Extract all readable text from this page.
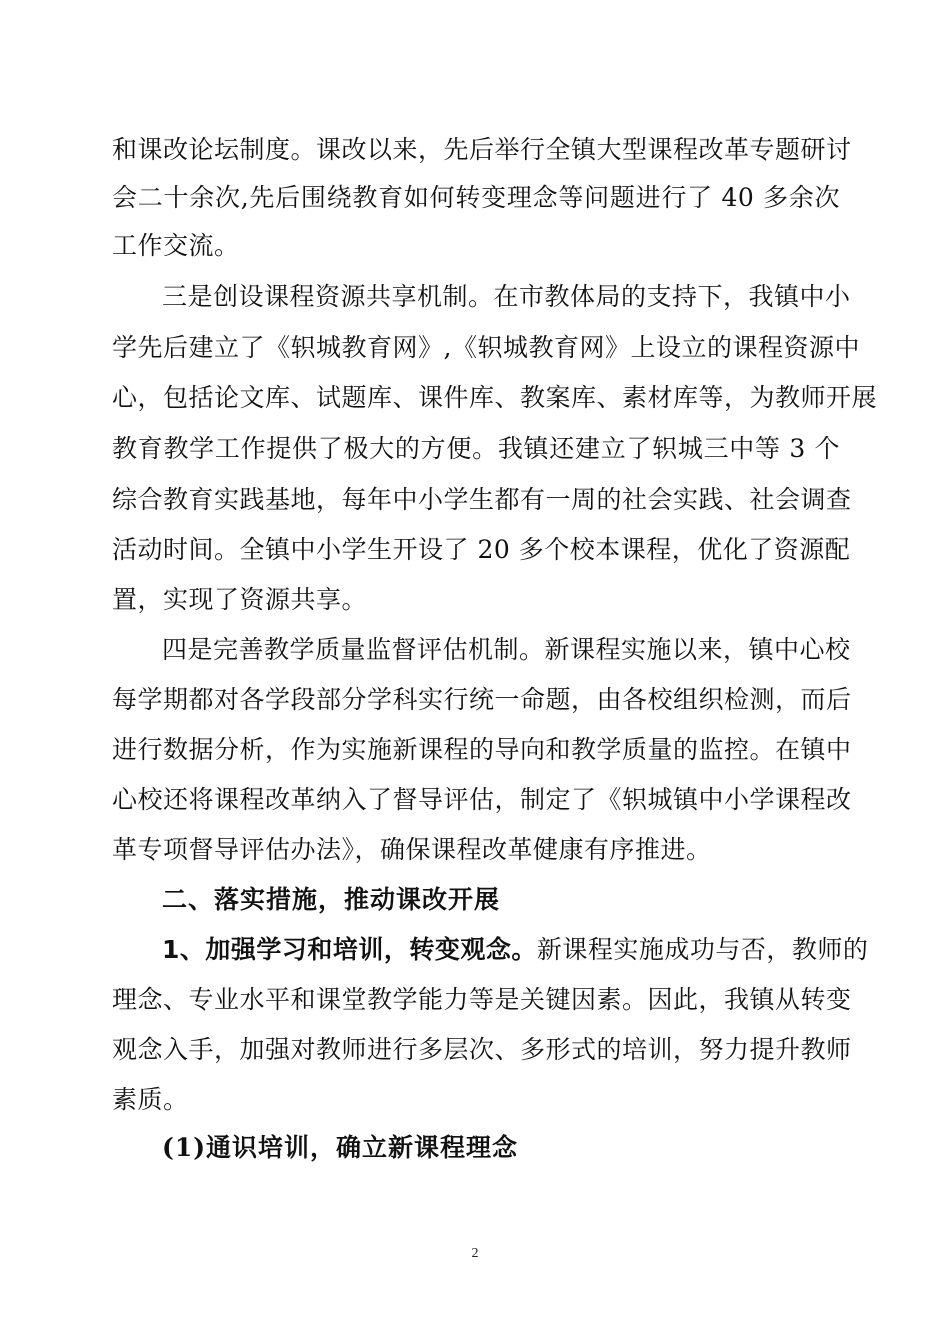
和课改论坛制度。课改以来，先后举行全镇大型课程改革专题研讨
会二十余次,先后围绕教育如何转变理念等问题进行了 40 多余次
工作交流。
三是创设课程资源共享机制。在市教体局的支持下，我镇中小
学先后建立了《轵城教育网》,《轵城教育网》上设立的课程资源中
心，包括论文库、试题库、课件库、教案库、素材库等，为教师开展
教育教学工作提供了极大的方便。我镇还建立了轵城三中等 3 个
综合教育实践基地，每年中小学生都有一周的社会实践、社会调查
活动时间。全镇中小学生开设了 20 多个校本课程，优化了资源配
置，实现了资源共享。
四是完善教学质量监督评估机制。新课程实施以来，镇中心校
每学期都对各学段部分学科实行统一命题，由各校组织检测，而后
进行数据分析，作为实施新课程的导向和教学质量的监控。在镇中
心校还将课程改革纳入了督导评估，制定了《轵城镇中小学课程改
革专项督导评估办法》，确保课程改革健康有序推进。
二、落实措施，推动课改开展
1、加强学习和培训，转变观念。新课程实施成功与否，教师的
理念、专业水平和课堂教学能力等是关键因素。因此，我镇从转变
观念入手，加强对教师进行多层次、多形式的培训，努力提升教师
素质。
(1)通识培训，确立新课程理念
2
